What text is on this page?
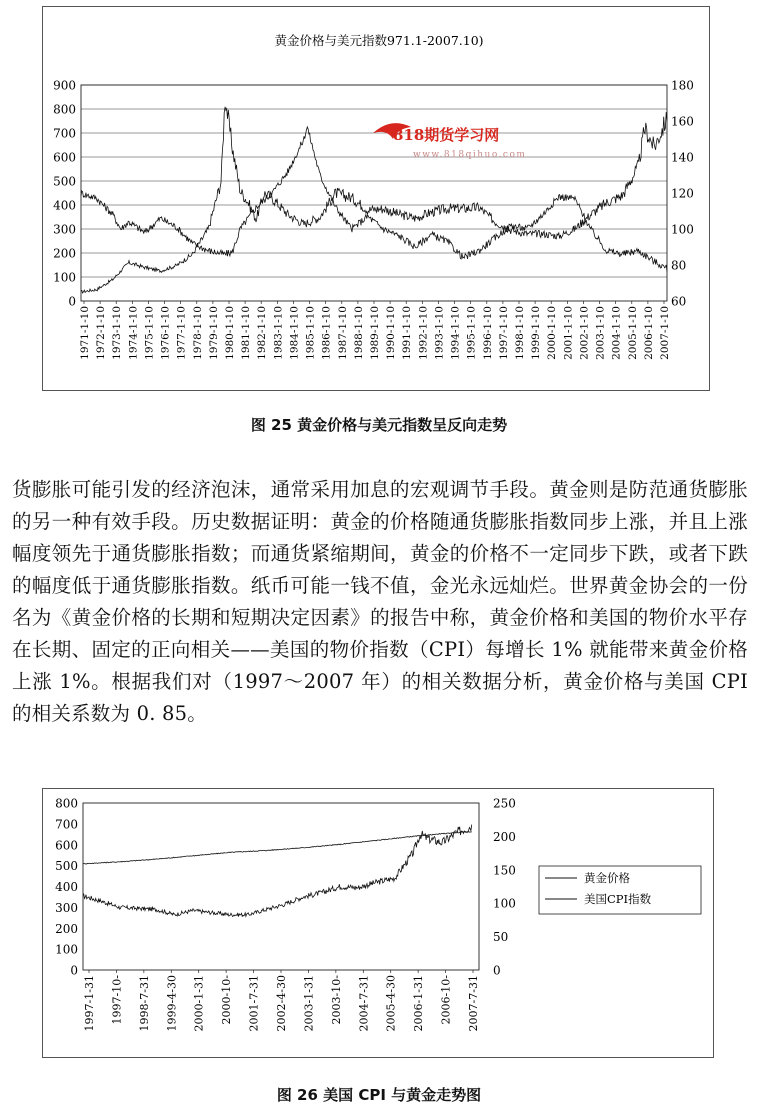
0
100
200
300
400
500
600
700
800
900
60
80
100
120
140
160
180
1971-1-10 1972-1-10 1973-1-10 1974-1-10 1975-1-10 1976-1-10 1977-1-10 1978-1-10 1979-1-10 1980-1-10 1981-1-10 1982-1-10 1983-1-10 1984-1-10 1985-1-10 1986-1-10 1987-1-10 1988-1-10 1989-1-10 1990-1-10 1991-1-10 1992-1-10 1993-1-10 1994-1-10 1995-1-10 1996-1-10 1997-1-10 1998-1-10 1999-1-10 2000-1-10 2001-1-10 2002-1-10 2003-1-10 2004-1-10 2005-1-10 2006-1-10 2007-1-10
黄金价格与美元指数971.1-2007.10)
818期货学习网
www.818qihuo.com
图 25 黄金价格与美元指数呈反向走势

货膨胀可能引发的经济泡沫，通常采用加息的宏观调节手段。黄金则是防范通货膨胀的另一种有效手段。历史数据证明：黄金的价格随通货膨胀指数同步上涨，并且上涨幅度领先于通货膨胀指数；而通货紧缩期间，黄金的价格不一定同步下跌，或者下跌的幅度低于通货膨胀指数。纸币可能一钱不值，金光永远灿烂。世界黄金协会的一份名为《黄金价格的长期和短期决定因素》的报告中称，黄金价格和美国的物价水平存在长期、固定的正向相关——美国的物价指数（CPI）每增长 1% 就能带来黄金价格上涨 1%。根据我们对（1997～2007 年）的相关数据分析，黄金价格与美国 CPI 的相关系数为 0. 85。

0
100
200
300
400
500
600
700
800
0
50
100
150
200
250
1997-1-31 1997-10- 1998-7-31 1999-4-30 2000-1-31 2000-10- 2001-7-31 2002-4-30 2003-1-31 2003-10- 2004-7-31 2005-4-30 2006-1-31 2006-10- 2007-7-31
黄金价格
美国CPI指数
图 26 美国 CPI 与黄金走势图
